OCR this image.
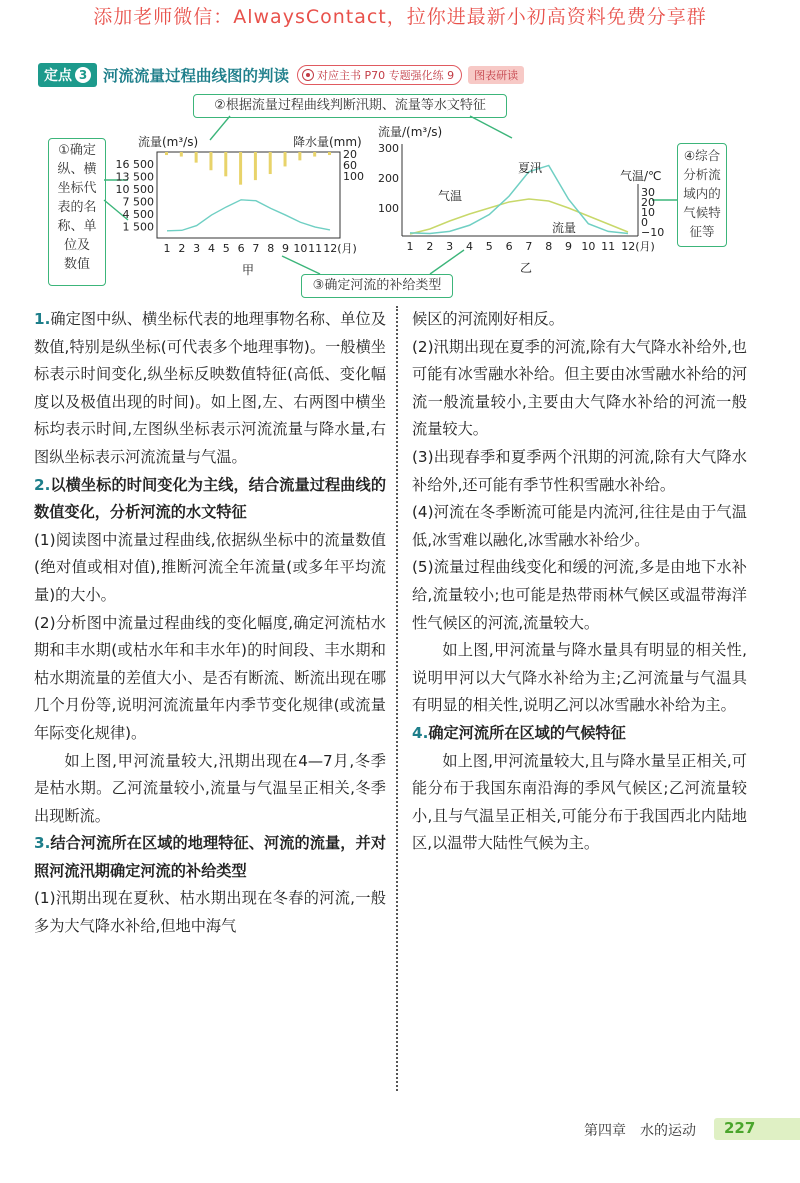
添加老师微信：AlwaysContact，拉你进最新小初高资料免费分享群
定点 3 河流流量过程曲线图的判读	对应主书 P70 专题强化练 9	图表研读
①确定
纵、横
坐标代
表的名
称、单
位及
数值
②根据流量过程曲线判断汛期、流量等水文特征
③确定河流的补给类型
④综合
分析流
域内的
气候特
征等
流量(m³/s)	降水量(mm)
16 500
13 500
10 500
7 500
4 500
1 500
20
60
100
1 2 3 4 5 6 7 8 9 10 11 12(月)
甲
流量/(m³/s)
气温/℃
300
200
100
30
20
10
0
−10
夏汛
气温
流量
1 2 3 4 5 6 7 8 9 10 11 12(月)
乙

1.确定图中纵、横坐标代表的地理事物名称、单位及数值,特别是纵坐标(可代表多个地理事物)。一般横坐标表示时间变化,纵坐标反映数值特征(高低、变化幅度以及极值出现的时间)。如上图,左、右两图中横坐标均表示时间,左图纵坐标表示河流流量与降水量,右图纵坐标表示河流流量与气温。

2.以横坐标的时间变化为主线，结合流量过程曲线的数值变化，分析河流的水文特征

(1)阅读图中流量过程曲线,依据纵坐标中的流量数值(绝对值或相对值),推断河流全年流量(或多年平均流量)的大小。

(2)分析图中流量过程曲线的变化幅度,确定河流枯水期和丰水期(或枯水年和丰水年)的时间段、丰水期和枯水期流量的差值大小、是否有断流、断流出现在哪几个月份等,说明河流流量年内季节变化规律(或流量年际变化规律)。

如上图,甲河流量较大,汛期出现在4—7月,冬季是枯水期。乙河流量较小,流量与气温呈正相关,冬季出现断流。

3.结合河流所在区域的地理特征、河流的流量，并对照河流汛期确定河流的补给类型

(1)汛期出现在夏秋、枯水期出现在冬春的河流,一般多为大气降水补给,但地中海气

候区的河流刚好相反。

(2)汛期出现在夏季的河流,除有大气降水补给外,也可能有冰雪融水补给。但主要由冰雪融水补给的河流一般流量较小,主要由大气降水补给的河流一般流量较大。

(3)出现春季和夏季两个汛期的河流,除有大气降水补给外,还可能有季节性积雪融水补给。

(4)河流在冬季断流可能是内流河,往往是由于气温低,冰雪难以融化,冰雪融水补给少。

(5)流量过程曲线变化和缓的河流,多是由地下水补给,流量较小;也可能是热带雨林气候区或温带海洋性气候区的河流,流量较大。

如上图,甲河流量与降水量具有明显的相关性,说明甲河以大气降水补给为主;乙河流量与气温具有明显的相关性,说明乙河以冰雪融水补给为主。

4.确定河流所在区域的气候特征

如上图,甲河流量较大,且与降水量呈正相关,可能分布于我国东南沿海的季风气候区;乙河流量较小,且与气温呈正相关,可能分布于我国西北内陆地区,以温带大陆性气候为主。

第四章　水的运动 227
